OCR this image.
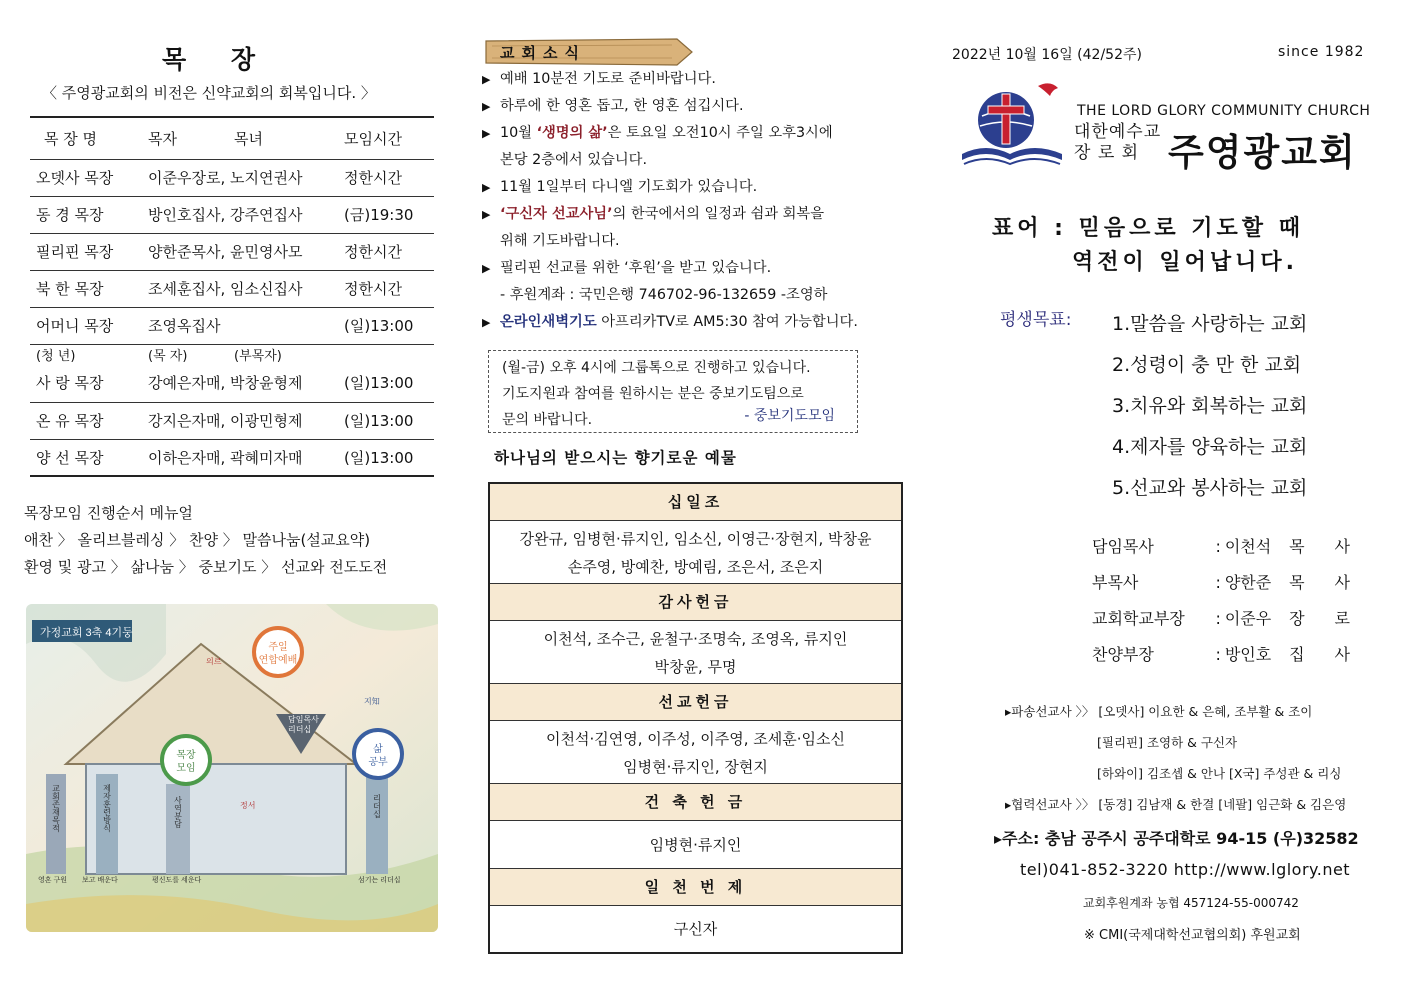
목 장
〈 주영광교회의 비전은 신약교회의 회복입니다. 〉
목 장 명	목자	목녀	모임시간
오뎃사 목장	이준우장로, 노지연권사		정한시간
동 경 목장	방인호집사, 강주연집사		(금)19:30
필리핀 목장	양한준목사, 윤민영사모		정한시간
북 한 목장	조세훈집사, 임소신집사		정한시간
어머니 목장	조영옥집사		(일)13:00
(청 년)	(목 자)	(부목자)	
사 랑 목장	강예은자매, 박창윤형제		(일)13:00
온 유 목장	강지은자매, 이광민형제		(일)13:00
양 선 목장	이하은자매, 곽혜미자매		(일)13:00
목장모임 진행순서 메뉴얼
애찬 〉 올리브블레싱 〉 찬양 〉 말씀나눔(설교요약)
환영 및 광고 〉 삶나눔 〉 중보기도 〉 선교와 전도도전
가정교회 3축 4기둥
주일
연합예배
목장
모임
삶
공부
담임목사
리더십
의르
정서
지知
교회존재목적	제자훈련방식	사역분담	리더십
영혼 구원 보고 배운다	평신도를 세운다	섬기는 리더십
교회소식
▶ 예배 10분전 기도로 준비바랍니다.
▶ 하루에 한 영혼 돕고, 한 영혼 섬깁시다.
▶ 10월 ‘생명의 삶’은 토요일 오전10시 주일 오후3시에
본당 2층에서 있습니다.
▶ 11월 1일부터 다니엘 기도회가 있습니다.
▶ ‘구신자 선교사님’의 한국에서의 일정과 쉼과 회복을
위해 기도바랍니다.
▶ 필리핀 선교를 위한 ‘후원’을 받고 있습니다.
- 후원계좌 : 국민은행 746702-96-132659 -조영하
▶ 온라인새벽기도 아프리카TV로 AM5:30 참여 가능합니다.
(월-금) 오후 4시에 그룹톡으로 진행하고 있습니다.
기도지원과 참여를 원하시는 분은 중보기도팀으로
문의 바랍니다.	- 중보기도모임
하나님의 받으시는 향기로운 예물
십일조

강완규, 임병현·류지인, 임소신, 이영근·장현지, 박창윤
손주영, 방예찬, 방예림, 조은서, 조은지

감사헌금

이천석, 조수근, 윤철구·조명숙, 조영옥, 류지인
박창윤, 무명

선교헌금

이천석·김연영, 이주성, 이주영, 조세훈·임소신
임병현·류지인, 장현지

건 축 헌 금
임병현·류지인
일 천 번 제
구신자
2022년 10월 16일 (42/52주)	since 1982
THE LORD GLORY COMMUNITY CHURCH
대한예수교
장 로 회 주영광교회
표어 : 믿음으로 기도할 때
역전이 일어납니다.
평생목표: 1.말씀을 사랑하는 교회
2.성령이 충 만 한 교회
3.치유와 회복하는 교회
4.제자를 양육하는 교회
5.선교와 봉사하는 교회
담임목사	:	이천석	목사
부목사	:	양한준	목사
교회학교부장	:	이준우	장로
찬양부장	:	방인호	집사
▸파송선교사 〉〉 [오뎃사] 이요한 & 은혜, 조부활 & 조이
[필리핀] 조영하 & 구신자
[하와이] 김조셉 & 안나 [X국] 주성관 & 리싱
▸협력선교사 〉〉 [동경] 김남재 & 한결 [네팔] 임근화 & 김은영
▸주소: 충남 공주시 공주대학로 94-15 (우)32582
tel)041-852-3220 http://www.lglory.net
교회후원계좌 농협 457124-55-000742
※ CMI(국제대학선교협의회) 후원교회
